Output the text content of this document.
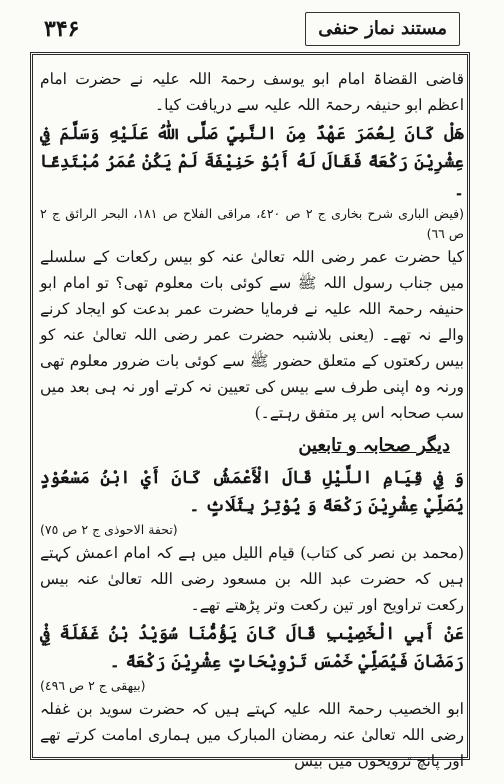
۳۴۶	مستند نماز حنفی

قاضی القضاۃ امام ابو یوسف رحمۃ اللہ علیہ نے حضرت امام اعظم ابو حنیفہ رحمۃ اللہ علیہ سے دریافت کیا۔

هَلْ كَانَ لِعُمَرَ عَهْدٌ مِنَ النَّبِيِّ صَلَّى اللّٰهُ عَلَيْهِ وَسَلَّمَ فِي عِشْرِيْنَ رَكْعَةً فَقَالَ لَهُ أَبُوْ حَنِيْفَةَ لَمْ يَكُنْ عُمَرُ مُبْتَدِعًا ۔

(فيض البارى شرح بخارى ج ٢ ص ٤٢٠، مراقى الفلاح ص ١٨١، البحر الرائق ج ٢ ص ٦٦)

کیا حضرت عمر رضی اللہ تعالیٰ عنہ کو بیس رکعات کے سلسلے میں جناب رسول اللہ ﷺ سے کوئی بات معلوم تھی؟ تو امام ابو حنیفہ رحمۃ اللہ علیہ نے فرمایا حضرت عمر بدعت کو ایجاد کرنے والے نہ تھے۔ (یعنی بلاشبہ حضرت عمر رضی اللہ تعالیٰ عنہ کو بیس رکعتوں کے متعلق حضور ﷺ سے کوئی بات ضرور معلوم تھی ورنہ وہ اپنی طرف سے بیس کی تعیین نہ کرتے اور نہ ہی بعد میں سب صحابہ اس پر متفق رہتے۔)

دیگر صحابہ و تابعین

وَ فِي قِيَامِ اللَّيْلِ قَالَ الْأَعْمَشُ كَانَ أَيْ ابْنُ مَسْعُوْدٍ يُصَلِّيْ عِشْرِيْنَ رَكْعَةً وَ يُوْتِرُ بِثَلَاثٍ ۔

(تحفة الاحوذى ج ٢ ص ٧٥)

(محمد بن نصر کی کتاب) قیام اللیل میں ہے کہ امام اعمش کہتے ہیں کہ حضرت عبد اللہ بن مسعود رضی اللہ تعالیٰ عنہ بیس رکعت تراویح اور تین رکعت وتر پڑھتے تھے۔

عَنْ أَبِي الْخَصِيْبِ قَالَ كَانَ يَؤُمُّنَا سُوَيْدُ بْنُ غَفَلَةَ فِيْ رَمَضَانَ فَيُصَلِّيْ خَمْسَ تَرْوِيْحَاتٍ عِشْرِيْنَ رَكْعَةً ۔

(بيهقى ج ٢ ص ٤٩٦)

ابو الخصیب رحمۃ اللہ علیہ کہتے ہیں کہ حضرت سوید بن غفلہ رضی اللہ تعالیٰ عنہ رمضان المبارک میں ہماری امامت کرتے تھے اور پانچ ترویحوں میں بیس
